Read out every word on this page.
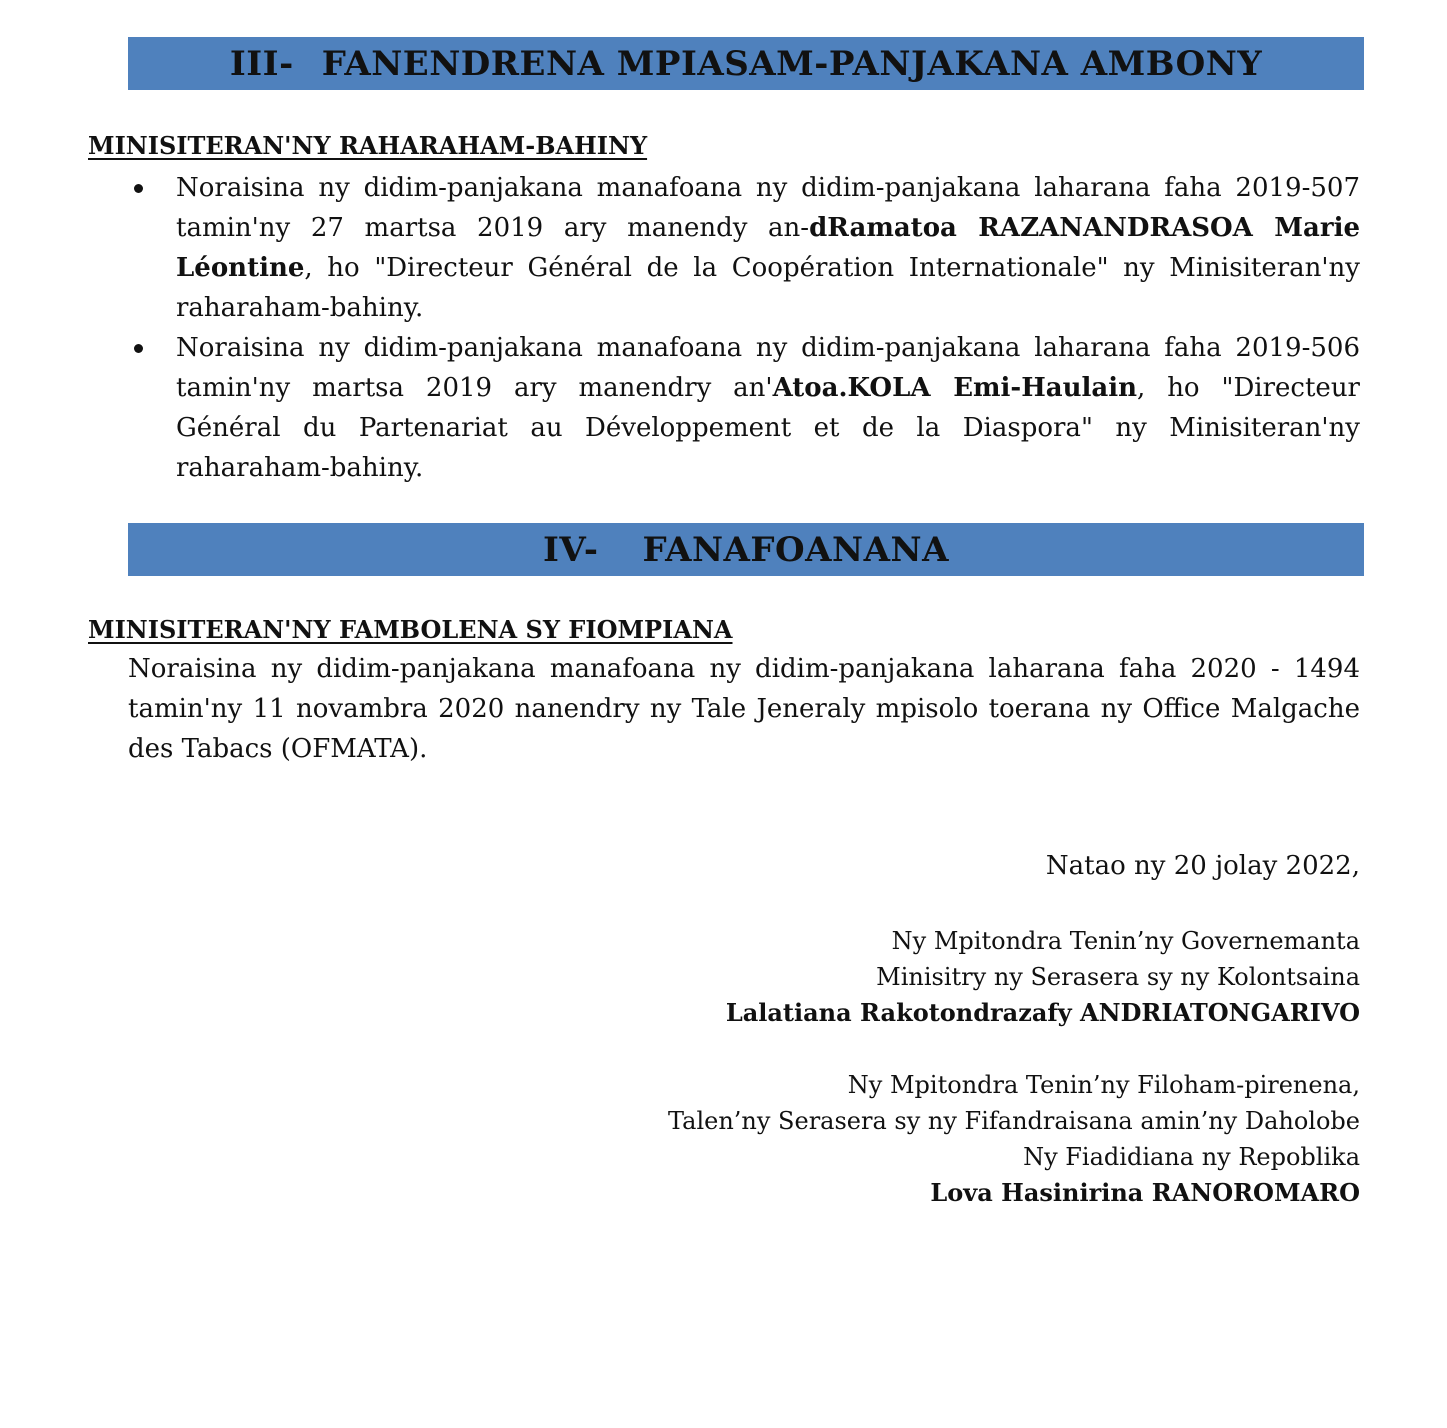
III- FANENDRENA MPIASAM-PANJAKANA AMBONY
MINISITERAN'NY RAHARAHAM-BAHINY
Noraisina ny didim-panjakana manafoana ny didim-panjakana laharana faha 2019-507 tamin'ny 27 martsa 2019 ary manendy an-dRamatoa RAZANANDRASOA Marie Léontine, ho "Directeur Général de la Coopération Internationale" ny Minisiteran'ny raharaham-bahiny.
Noraisina ny didim-panjakana manafoana ny didim-panjakana laharana faha 2019-506 tamin'ny martsa 2019 ary manendry an'Atoa.KOLA Emi-Haulain, ho "Directeur Général du Partenariat au Développement et de la Diaspora" ny Minisiteran'ny raharaham-bahiny.
IV- FANAFOANANA
MINISITERAN'NY FAMBOLENA SY FIOMPIANA

Noraisina ny didim-panjakana manafoana ny didim-panjakana laharana faha 2020 - 1494 tamin'ny 11 novambra 2020 nanendry ny Tale Jeneraly mpisolo toerana ny Office Malgache des Tabacs (OFMATA).

Natao ny 20 jolay 2022,
Ny Mpitondra Tenin’ny Governemanta
Minisitry ny Serasera sy ny Kolontsaina
Lalatiana Rakotondrazafy ANDRIATONGARIVO
Ny Mpitondra Tenin’ny Filoham-pirenena,
Talen’ny Serasera sy ny Fifandraisana amin’ny Daholobe
Ny Fiadidiana ny Repoblika
Lova Hasinirina RANOROMARO
